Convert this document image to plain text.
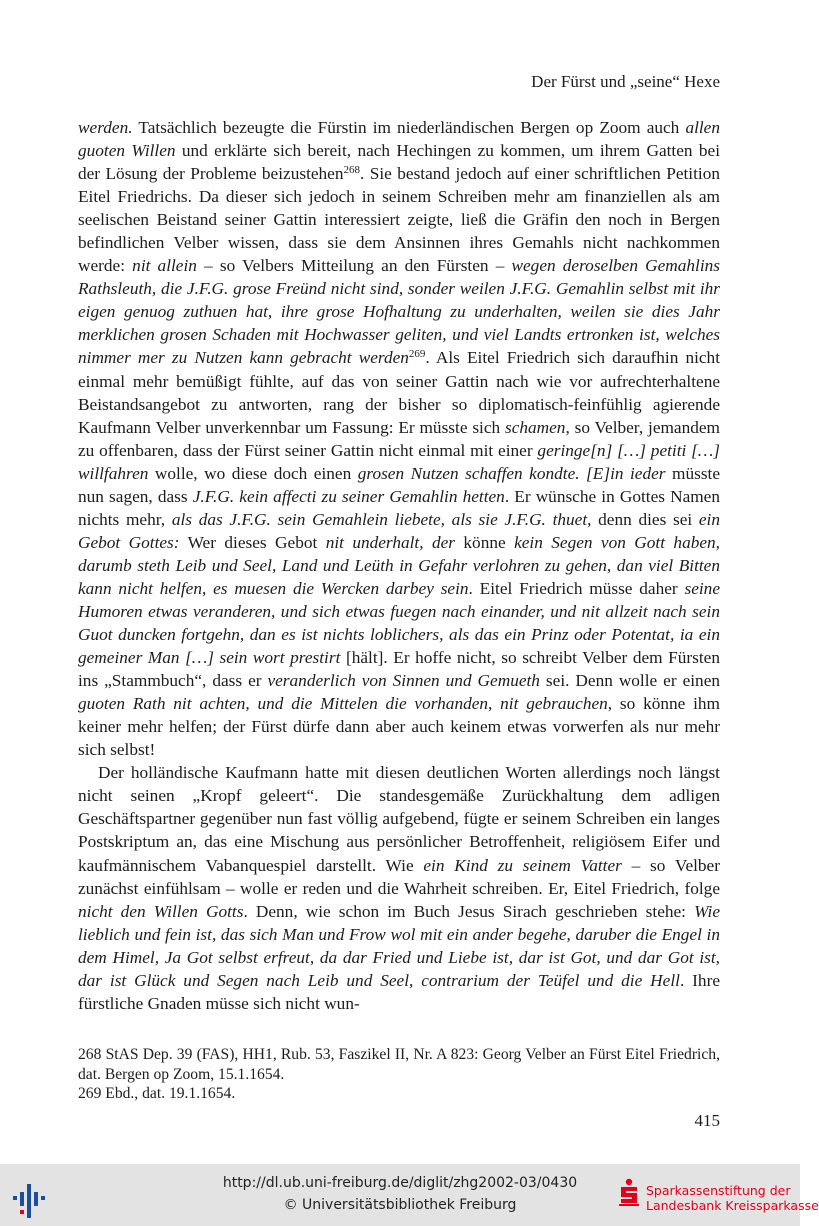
Der Fürst und „seine“ Hexe

werden. Tatsächlich bezeugte die Fürstin im niederländischen Bergen op Zoom auch allen guoten Willen und erklärte sich bereit, nach Hechingen zu kommen, um ihrem Gatten bei der Lösung der Probleme beizustehen$^{268}$. Sie bestand jedoch auf einer schriftlichen Petition Eitel Friedrichs. Da dieser sich jedoch in seinem Schreiben mehr am finanziellen als am seelischen Beistand seiner Gattin interessiert zeigte, ließ die Gräfin den noch in Bergen befindlichen Velber wissen, dass sie dem Ansinnen ihres Gemahls nicht nachkommen werde: nit allein – so Velbers Mitteilung an den Fürsten – wegen deroselben Gemahlins Rathsleuth, die J.F.G. grose Freünd nicht sind, sonder weilen J.F.G. Gemahlin selbst mit ihr eigen genuog zuthuen hat, ihre grose Hofhaltung zu underhalten, weilen sie dies Jahr merklichen grosen Schaden mit Hochwasser geliten, und viel Landts ertronken ist, welches nimmer mer zu Nutzen kann gebracht werden$^{269}$. Als Eitel Friedrich sich daraufhin nicht einmal mehr bemüßigt fühlte, auf das von seiner Gattin nach wie vor aufrechterhaltene Beistandsangebot zu antworten, rang der bisher so diplomatisch-feinfühlig agierende Kaufmann Velber unverkennbar um Fassung: Er müsste sich schamen, so Velber, jemandem zu offenbaren, dass der Fürst seiner Gattin nicht einmal mit einer geringe[n] […] petiti […] willfahren wolle, wo diese doch einen grosen Nutzen schaffen kondte. [E]in ieder müsste nun sagen, dass J.F.G. kein affecti zu seiner Gemahlin hetten. Er wünsche in Gottes Namen nichts mehr, als das J.F.G. sein Gemahlein liebete, als sie J.F.G. thuet, denn dies sei ein Gebot Gottes: Wer dieses Gebot nit underhalt, der könne kein Segen von Gott haben, darumb steth Leib und Seel, Land und Leüth in Gefahr verlohren zu gehen, dan viel Bitten kann nicht helfen, es muesen die Wercken darbey sein. Eitel Friedrich müsse daher seine Humoren etwas veranderen, und sich etwas fuegen nach einander, und nit allzeit nach sein Guot duncken fortgehn, dan es ist nichts loblichers, als das ein Prinz oder Potentat, ia ein gemeiner Man […] sein wort prestirt [hält]. Er hoffe nicht, so schreibt Velber dem Fürsten ins „Stammbuch“, dass er veranderlich von Sinnen und Gemueth sei. Denn wolle er einen guoten Rath nit achten, und die Mittelen die vorhanden, nit gebrauchen, so könne ihm keiner mehr helfen; der Fürst dürfe dann aber auch keinem etwas vorwerfen als nur mehr sich selbst!

Der holländische Kaufmann hatte mit diesen deutlichen Worten allerdings noch längst nicht seinen „Kropf geleert“. Die standesgemäße Zurückhaltung dem adligen Geschäftspartner gegenüber nun fast völlig aufgebend, fügte er seinem Schreiben ein langes Postskriptum an, das eine Mischung aus persönlicher Betroffenheit, religiösem Eifer und kaufmännischem Vabanquespiel darstellt. Wie ein Kind zu seinem Vatter – so Velber zunächst einfühlsam – wolle er reden und die Wahrheit schreiben. Er, Eitel Friedrich, folge nicht den Willen Gotts. Denn, wie schon im Buch Jesus Sirach geschrieben stehe: Wie lieblich und fein ist, das sich Man und Frow wol mit ein ander begehe, daruber die Engel in dem Himel, Ja Got selbst erfreut, da dar Fried und Liebe ist, dar ist Got, und dar Got ist, dar ist Glück und Segen nach Leib und Seel, contrarium der Teüfel und die Hell. Ihre fürstliche Gnaden müsse sich nicht wun-

268 StAS Dep. 39 (FAS), HH1, Rub. 53, Faszikel II, Nr. A 823: Georg Velber an Fürst Eitel Friedrich, dat. Bergen op Zoom, 15.1.1654.

269 Ebd., dat. 19.1.1654.

415
http://dl.ub.uni-freiburg.de/diglit/zhg2002-03/0430
© Universitätsbibliothek Freiburg
Sparkassenstiftung der
Landesbank Kreissparkasse
